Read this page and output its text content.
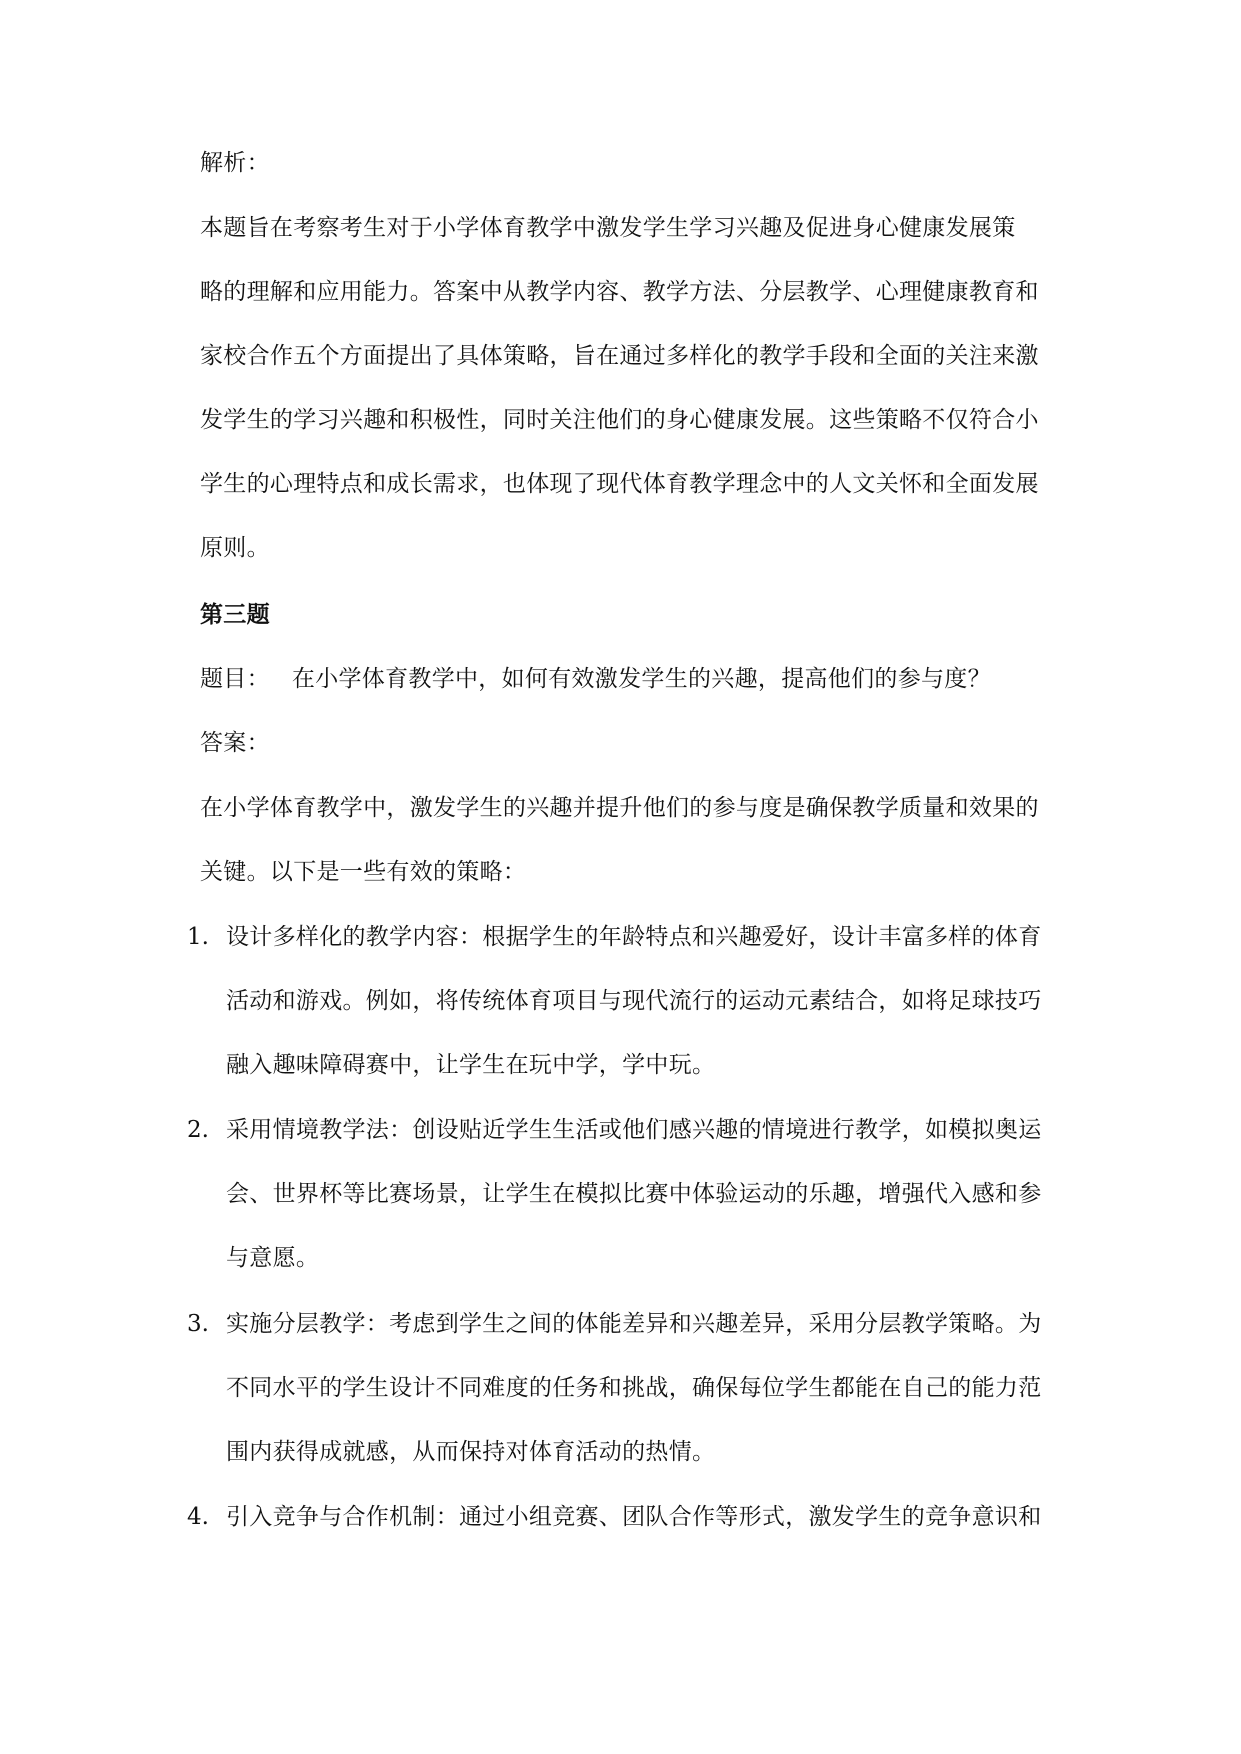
解析：
本题旨在考察考生对于小学体育教学中激发学生学习兴趣及促进身心健康发展策
略的理解和应用能力。答案中从教学内容、教学方法、分层教学、心理健康教育和
家校合作五个方面提出了具体策略，旨在通过多样化的教学手段和全面的关注来激
发学生的学习兴趣和积极性，同时关注他们的身心健康发展。这些策略不仅符合小
学生的心理特点和成长需求，也体现了现代体育教学理念中的人文关怀和全面发展
原则。
第三题
题目： 在小学体育教学中，如何有效激发学生的兴趣，提高他们的参与度？
答案：
在小学体育教学中，激发学生的兴趣并提升他们的参与度是确保教学质量和效果的
关键。以下是一些有效的策略：
1. 设计多样化的教学内容：根据学生的年龄特点和兴趣爱好，设计丰富多样的体育
活动和游戏。例如，将传统体育项目与现代流行的运动元素结合，如将足球技巧
融入趣味障碍赛中，让学生在玩中学，学中玩。
2. 采用情境教学法：创设贴近学生生活或他们感兴趣的情境进行教学，如模拟奥运
会、世界杯等比赛场景，让学生在模拟比赛中体验运动的乐趣，增强代入感和参
与意愿。
3. 实施分层教学：考虑到学生之间的体能差异和兴趣差异，采用分层教学策略。为
不同水平的学生设计不同难度的任务和挑战，确保每位学生都能在自己的能力范
围内获得成就感，从而保持对体育活动的热情。
4. 引入竞争与合作机制：通过小组竞赛、团队合作等形式，激发学生的竞争意识和
